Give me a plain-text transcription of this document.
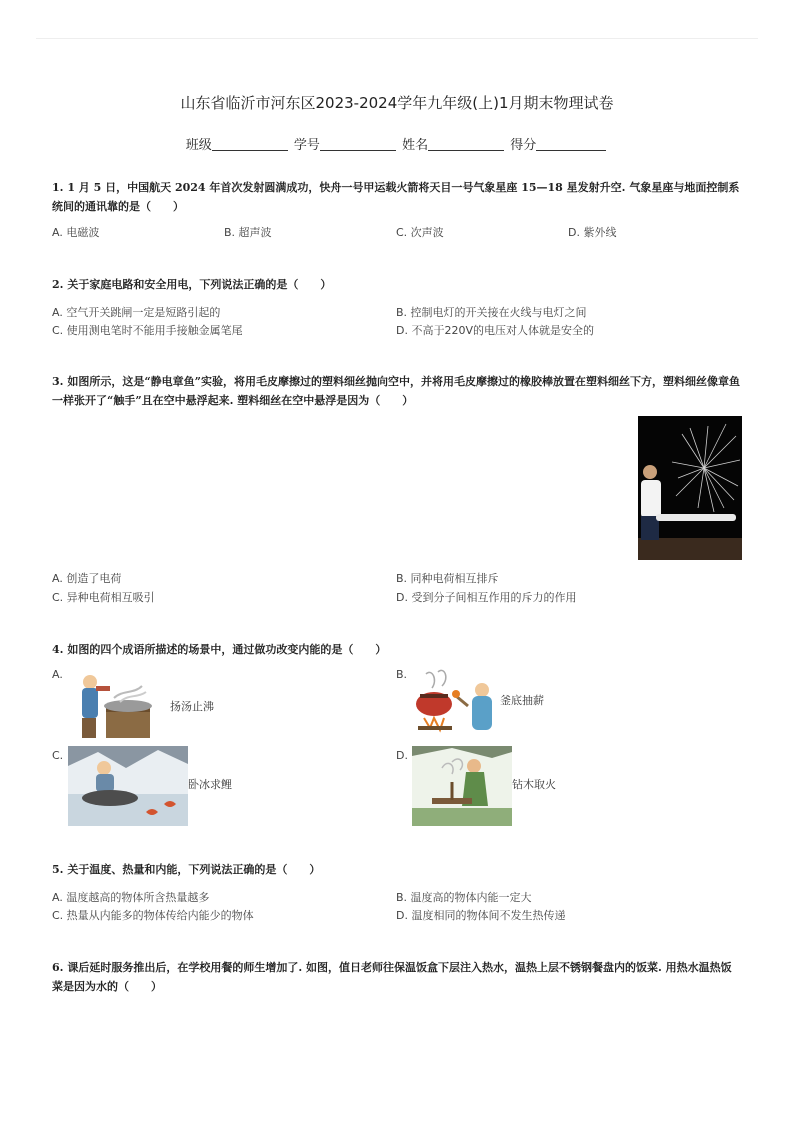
山东省临沂市河东区2023-2024学年九年级(上)1月期末物理试卷
班级	学号	姓名	得分
1. 1 月 5 日，中国航天 2024 年首次发射圆满成功，快舟一号甲运载火箭将天目一号气象星座 15—18 星发射升空. 气象星座与地面控制系统间的通讯靠的是（　　）
A. 电磁波	B. 超声波	C. 次声波	D. 紫外线
2. 关于家庭电路和安全用电，下列说法正确的是（　　）
A. 空气开关跳闸一定是短路引起的	B. 控制电灯的开关接在火线与电灯之间
C. 使用测电笔时不能用手接触金属笔尾	D. 不高于220V的电压对人体就是安全的
3. 如图所示，这是“静电章鱼”实验，将用毛皮摩擦过的塑料细丝抛向空中，并将用毛皮摩擦过的橡胶棒放置在塑料细丝下方，塑料细丝像章鱼一样张开了“触手”且在空中悬浮起来. 塑料细丝在空中悬浮是因为（　　）
A. 创造了电荷	B. 同种电荷相互排斥
C. 异种电荷相互吸引	D. 受到分子间相互作用的斥力的作用
4. 如图的四个成语所描述的场景中，通过做功改变内能的是（　　）
A.
扬汤止沸
B.
釜底抽薪
C.
卧冰求鲤
D.
钻木取火
5. 关于温度、热量和内能，下列说法正确的是（　　）
A. 温度越高的物体所含热量越多	B. 温度高的物体内能一定大
C. 热量从内能多的物体传给内能少的物体	D. 温度相同的物体间不发生热传递
6. 课后延时服务推出后，在学校用餐的师生增加了. 如图，值日老师往保温饭盒下层注入热水，温热上层不锈钢餐盘内的饭菜. 用热水温热饭菜是因为水的（　　）
